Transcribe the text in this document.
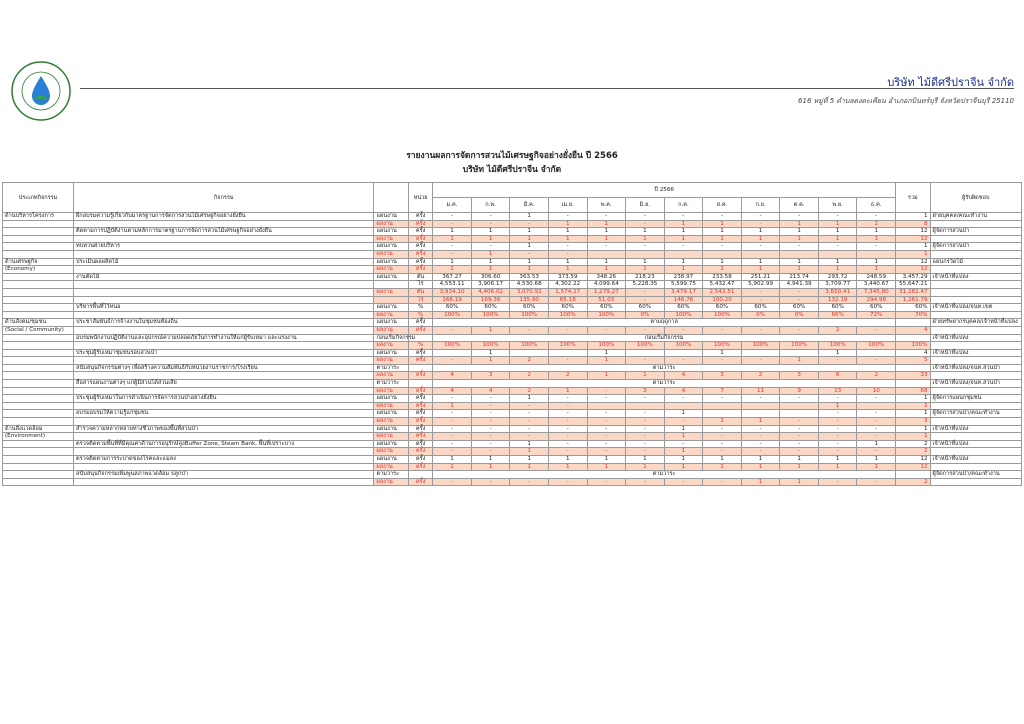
บริษัท ไม้ดีศรีปราจีน จำกัด
616 หมู่ที่ 5 ตำบลดงตะเคียน อำเภอกบินทร์บุรี จังหวัดปราจีนบุรี 25110
รายงานผลการจัดการสวนไม้เศรษฐกิจอย่างยั่งยืน ปี 2566
บริษัท ไม้ดีศรีปราจีน จำกัด
ประเภทกิจกรรม	กิจกรรม		หน่วย	ปี 2566												รวม	ผู้รับผิดชอบ
				ม.ค.	ก.พ.	มี.ค.	เม.ย.	พ.ค.	มิ.ย.	ก.ค.	ส.ค.	ก.ย.	ต.ค.	พ.ย.	ธ.ค.		
ด้านบริหารโครงการ	ฝึกอบรมความรู้เกี่ยวกับมาตรฐานการจัดการสวนไม้เศรษฐกิจอย่างยั่งยืน	แผนงาน	ครั้ง	-	-	1	-	-	-	-	-	-	-	-	-	1	ฝ่ายบุคคล/คณะทำงาน
		ผลงาน	ครั้ง	-	-	-	1	1	-	1	1	-	1	1	2	8	
	ติดตามการปฏิบัติงานตามหลักการมาตรฐานการจัดการสวนไม้เศรษฐกิจอย่างยั่งยืน	แผนงาน	ครั้ง	1	1	1	1	1	1	1	1	1	1	1	1	12	ผู้จัดการสวนป่า
		ผลงาน	ครั้ง	1	1	1	1	1	1	1	1	1	1	1	1	12	
	ทบทวนฝ่ายบริหาร	แผนงาน	ครั้ง	-	-	1	-	-	-	-	-	-	-	-	-	1	ผู้จัดการสวนป่า
		ผลงาน	ครั้ง	-	1	-	-									1	
ด้านเศรษฐกิจ	ประเมินผลผลิตไม้	แผนงาน	ครั้ง	1	1	1	1	1	1	1	1	1	1	1	1	12	แผนกรวัดไม้
(Economy)		ผลงาน	ครั้ง	1	1	1	1	1	1	1	1	1	1	1	1	12	
	งานตัดไม้	แผนงาน	ตัน	367.27	306.60	363.53	373.59	348.26	218.23	238.97	233.58	251.21	213.74	293.72	248.59	3,457.29	เจ้าหน้าที่แปลง
			ไร่	4,553.11	3,906.17	4,530.68	4,302.22	4,099.64	5,228.35	5,599.75	5,432.47	5,902.99	4,941.39	3,709.77	3,440.67	55,647.21	
		ผลงาน	ตัน	3,934.10	4,406.02	3,070.92	1,574.27	1,279.27	-	3,479.17	2,542.51	-	-	3,650.41	7,345.80	31,282.47	
			ไร่	166.19	169.36	135.90	65.18	51.03	-	146.76	100.20	-	-	132.19	294.98	1,261.79	
	บริหารพื้นที่ไว้หน่อ	แผนงาน	%	60%	60%	60%	60%	60%	60%	60%	60%	60%	60%	60%	60%	60%	เจ้าหน้าที่แปลง/จนท.เขต
		ผลงาน	%	100%	100%	100%	100%	100%	0%	100%	100%	0%	0%	66%	72%	70%	
ด้านสังคม/ชุมชน	ประชาสัมพันธ์การจ้างงานในชุมชนท้องถิ่น	แผนงาน	ครั้ง	ตามฤดูกาล													ฝ่ายทรัพยากรบุคคล/เจ้าหน้าที่แปลง
(Social / Community)		ผลงาน	ครั้ง	-	1	-	-	-	-	-	-	-	-	2	-	4	
	อบรมพนักงานปฏิบัติงานและอุปกรณ์ความปลอดภัยในการทำงานให้แก่ผู้รับเหมา และแรงงาน	ก่อนเริ่มกิจกรรม		ก่อนเริ่มกิจกรรม													เจ้าหน้าที่แปลง
		ผลงาน	%	100%	100%	100%	100%	100%	100%	100%	100%	100%	100%	100%	100%	100%	
	ประชุมผู้รับเหมาชุมชนรอบสวนป่า	แผนงาน	ครั้ง		1			1			1			1		4	เจ้าหน้าที่แปลง
		ผลงาน	ครั้ง	-	1	2	-	1	-	-	-	-	1	-	-	5	
	สนับสนุนกิจกรรมต่างๆ เพื่อสร้างความสัมพันธ์กับหน่วยงานราชการ/โรงเรียน	ตามวาระ		ตามวาระ													เจ้าหน้าที่แปลง/จนท.สวนป่า
		ผลงาน	ครั้ง	4	3	2	2	1	1	4	3	2	3	6	2	33	
	สื่อสารแผนงานต่างๆ แก่ผู้มีส่วนได้ส่วนเสีย	ตามวาระ		ตามวาระ													เจ้าหน้าที่แปลง/จนท.สวนป่า
		ผลงาน	ครั้ง	4	4	2	1	-	3	4	7	11	9	13	10	68	
	ประชุมผู้รับเหมาในการดำเนินการจัดการสวนป่าอย่างยั่งยืน	แผนงาน	ครั้ง	-	-	1	-	-	-	-	-	-	-	-	-	1	ผู้จัดการแผนกชุมชน
		ผลงาน	ครั้ง	1	-	-	-							1		2	
	อบรมอบรมให้ความรู้แก่ชุมชน	แผนงาน	ครั้ง	-	-	-	-	-	-	1				-	-	1	ผู้จัดการสวนป่า/คณะทำงาน
		ผลงาน	ครั้ง	-	-	-	-	-	-	-	1	1	-	-	-	3	
ด้านสิ่งแวดล้อม	สำรวจความหลากหลายทางชีวภาพของพื้นที่สวนป่า	แผนงาน	ครั้ง	-	-	-	-	-	-	1	-	-	-	-	-	1	เจ้าหน้าที่แปลง
(Environment)		ผลงาน	ครั้ง	-	-	-	-	-	-	1	-	-	-	-	-	1	
	ตรวจติดตามพื้นที่ที่มีคุณค่าด้านการอนุรักษ์สูงBuffer Zone, Steam Bank, พื้นที่เปราะบาง	แผนงาน	ครั้ง	-	-	1	-	-	-	-	-	-	-	-	1	2	เจ้าหน้าที่แปลง
		ผลงาน	ครั้ง	-	-	1	-	-	-	1	-	-	-	-	-	2	
	ตรวจติดตามการระบาดของโรคและแมลง	แผนงาน	ครั้ง	1	1	1	1	1	1	1	1	1	1	1	1	12	เจ้าหน้าที่แปลง
		ผลงาน	ครั้ง	1	1	1	1	1	1	1	1	1	1	1	1	12	
	สนับสนุนกิจกรรมเพิ่มพูนสภาพแวดล้อม ปลูกป่า	ตามวาระ		ตามวาระ													ผู้จัดการสวนป่า/คณะทำงาน
		ผลงาน	ครั้ง	-	-	-	-	-	-	-	-	1	1	-	-	2	
